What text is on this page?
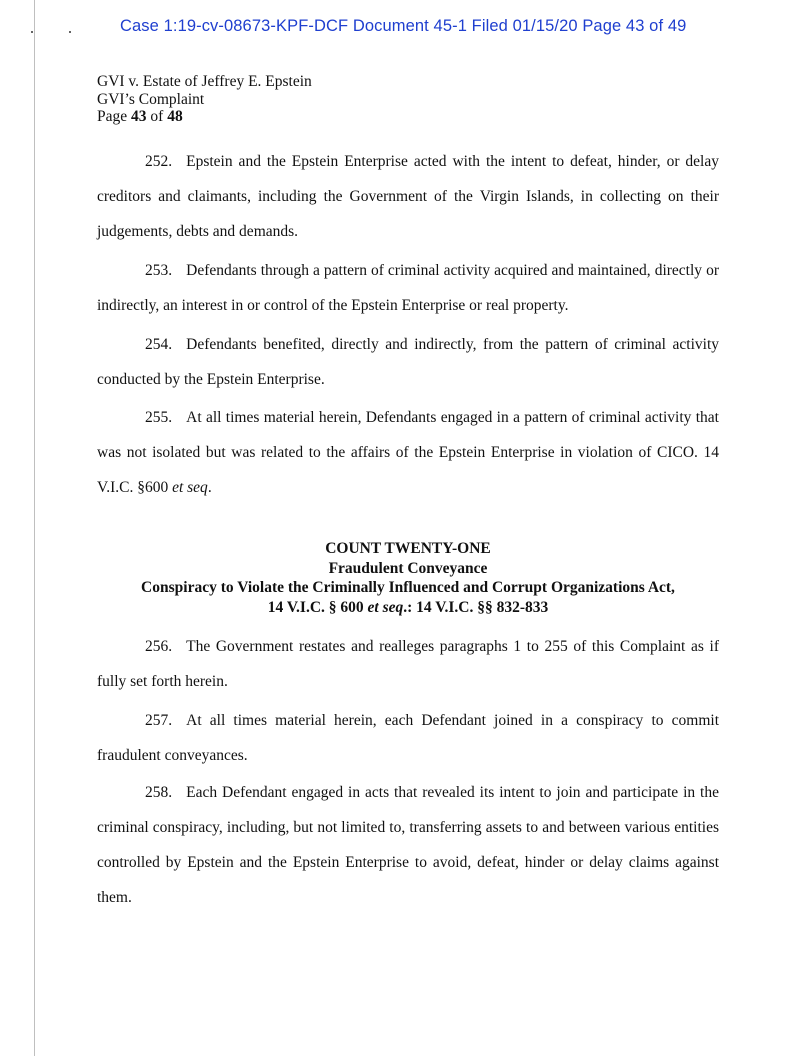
Case 1:19-cv-08673-KPF-DCF Document 45-1 Filed 01/15/20 Page 43 of 49
GVI v. Estate of Jeffrey E. Epstein
GVI’s Complaint
Page 43 of 48
252. Epstein and the Epstein Enterprise acted with the intent to defeat, hinder, or delay creditors and claimants, including the Government of the Virgin Islands, in collecting on their judgements, debts and demands.
253. Defendants through a pattern of criminal activity acquired and maintained, directly or indirectly, an interest in or control of the Epstein Enterprise or real property.
254. Defendants benefited, directly and indirectly, from the pattern of criminal activity conducted by the Epstein Enterprise.
255. At all times material herein, Defendants engaged in a pattern of criminal activity that was not isolated but was related to the affairs of the Epstein Enterprise in violation of CICO. 14 V.I.C. §600 et seq.
COUNT TWENTY-ONE
Fraudulent Conveyance
Conspiracy to Violate the Criminally Influenced and Corrupt Organizations Act,
14 V.I.C. § 600 et seq.: 14 V.I.C. §§ 832-833
256. The Government restates and realleges paragraphs 1 to 255 of this Complaint as if fully set forth herein.
257. At all times material herein, each Defendant joined in a conspiracy to commit fraudulent conveyances.
258. Each Defendant engaged in acts that revealed its intent to join and participate in the criminal conspiracy, including, but not limited to, transferring assets to and between various entities controlled by Epstein and the Epstein Enterprise to avoid, defeat, hinder or delay claims against them.
